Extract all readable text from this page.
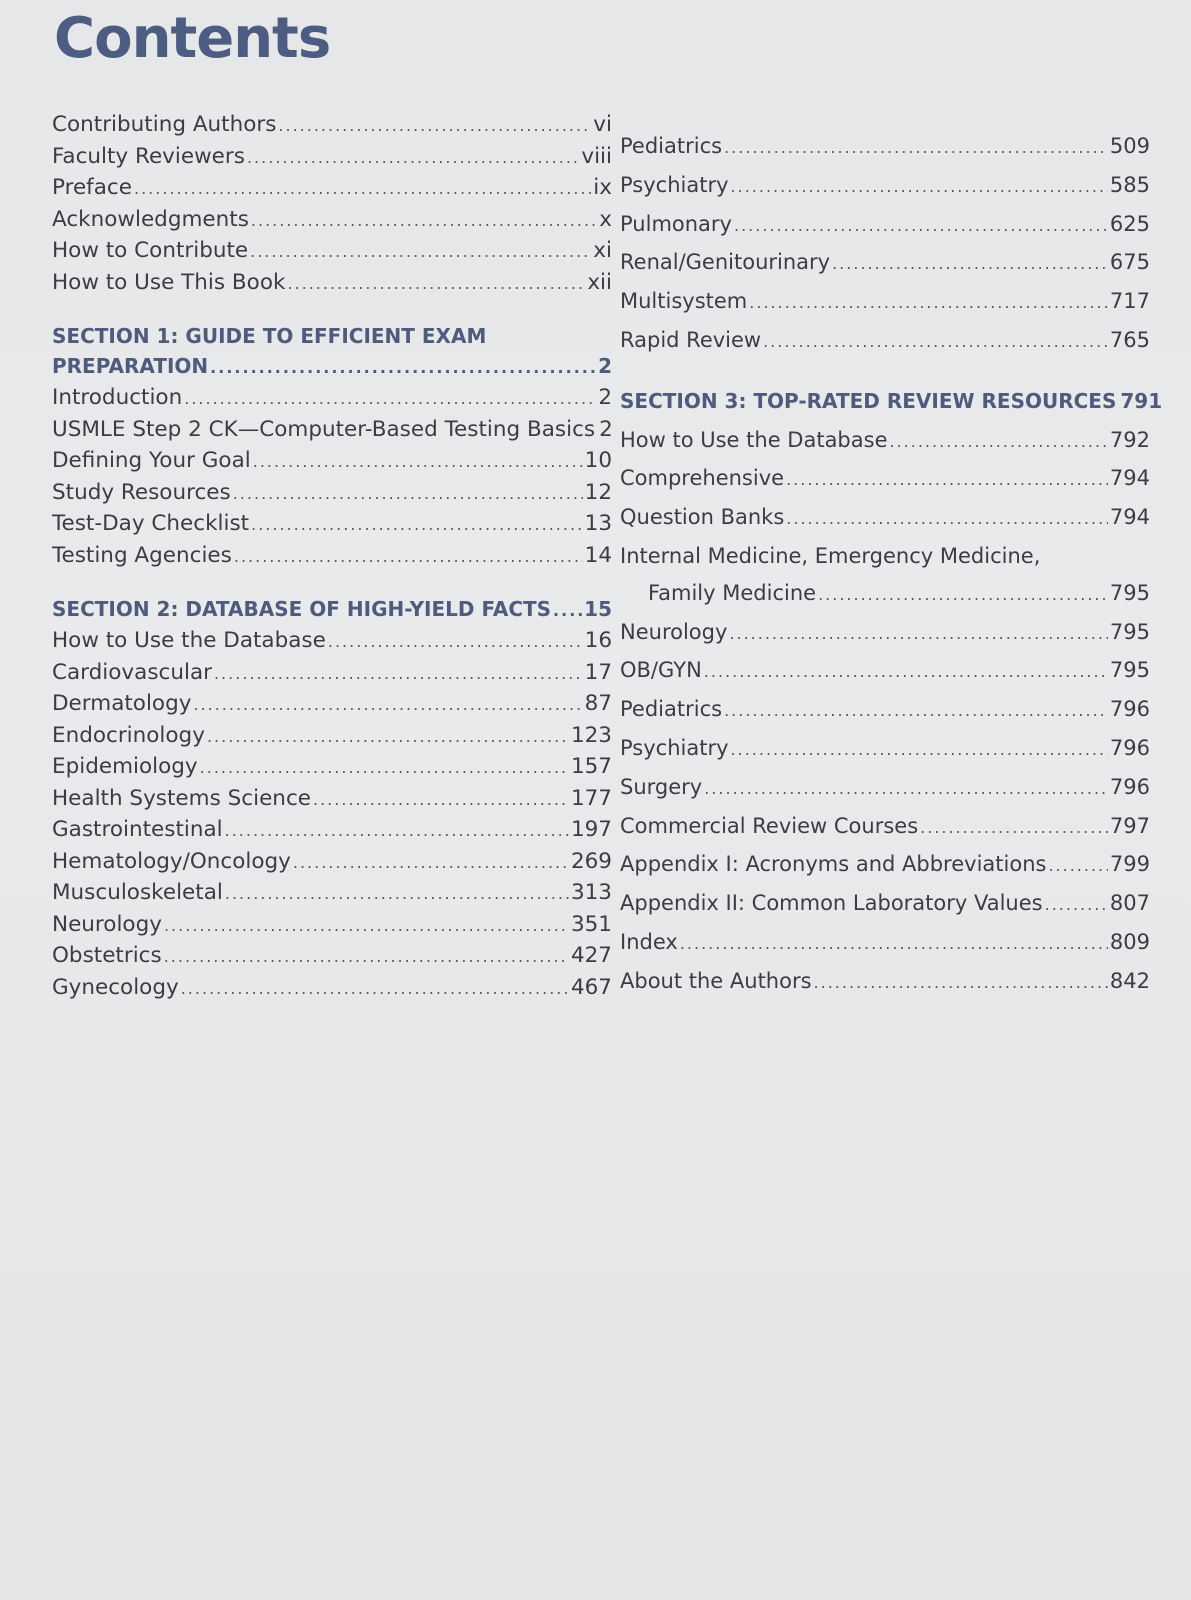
Contents
Contributing Authors .....	vi
Faculty Reviewers .....	viii
Preface .....	ix
Acknowledgments .....	x
How to Contribute .....	xi
How to Use This Book .....	xii
SECTION 1: GUIDE TO EFFICIENT EXAM
PREPARATION .....	2
Introduction .....	2
USMLE Step 2 CK—Computer-Based Testing Basics 2
Defining Your Goal .....	10
Study Resources .....	12
Test-Day Checklist .....	13
Testing Agencies .....	14
SECTION 2: DATABASE OF HIGH-YIELD FACTS ..... 15
How to Use the Database .....	16
Cardiovascular .....	17
Dermatology .....	87
Endocrinology .....	123
Epidemiology .....	157
Health Systems Science .....	177
Gastrointestinal .....	197
Hematology/Oncology .....	269
Musculoskeletal .....	313
Neurology .....	351
Obstetrics .....	427
Gynecology .....	467
Pediatrics .....	509
Psychiatry .....	585
Pulmonary .....	625
Renal/Genitourinary .....	675
Multisystem .....	717
Rapid Review .....	765
SECTION 3: TOP-RATED REVIEW RESOURCES 791
How to Use the Database .....	792
Comprehensive .....	794
Question Banks .....	794
Internal Medicine, Emergency Medicine,
Family Medicine .....	795
Neurology .....	795
OB/GYN .....	795
Pediatrics .....	796
Psychiatry .....	796
Surgery .....	796
Commercial Review Courses .....	797
Appendix I: Acronyms and Abbreviations .....	799
Appendix II: Common Laboratory Values .....	807
Index .....	809
About the Authors .....	842
